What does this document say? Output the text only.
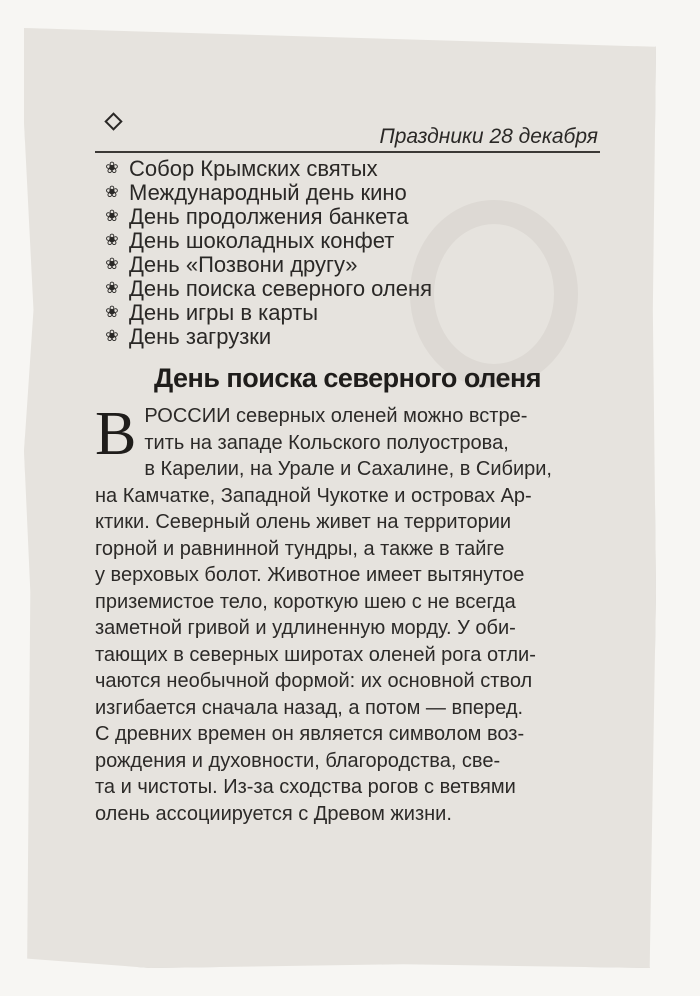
Праздники 28 декабря
❀ Собор Крымских святых
❀ Международный день кино
❀ День продолжения банкета
❀ День шоколадных конфет
❀ День «Позвони другу»
❀ День поиска северного оленя
❀ День игры в карты
❀ День загрузки
День поиска северного оленя
В РОССИИ северных оленей можно встре-
тить на западе Кольского полуострова,
в Карелии, на Урале и Сахалине, в Сибири,
на Камчатке, Западной Чукотке и островах Ар-
ктики. Северный олень живет на территории
горной и равнинной тундры, а также в тайге
у верховых болот. Животное имеет вытянутое
приземистое тело, короткую шею с не всегда
заметной гривой и удлиненную морду. У оби-
тающих в северных широтах оленей рога отли-
чаются необычной формой: их основной ствол
изгибается сначала назад, а потом — вперед.
С древних времен он является символом воз-
рождения и духовности, благородства, све-
та и чистоты. Из-за сходства рогов с ветвями
олень ассоциируется с Древом жизни.
